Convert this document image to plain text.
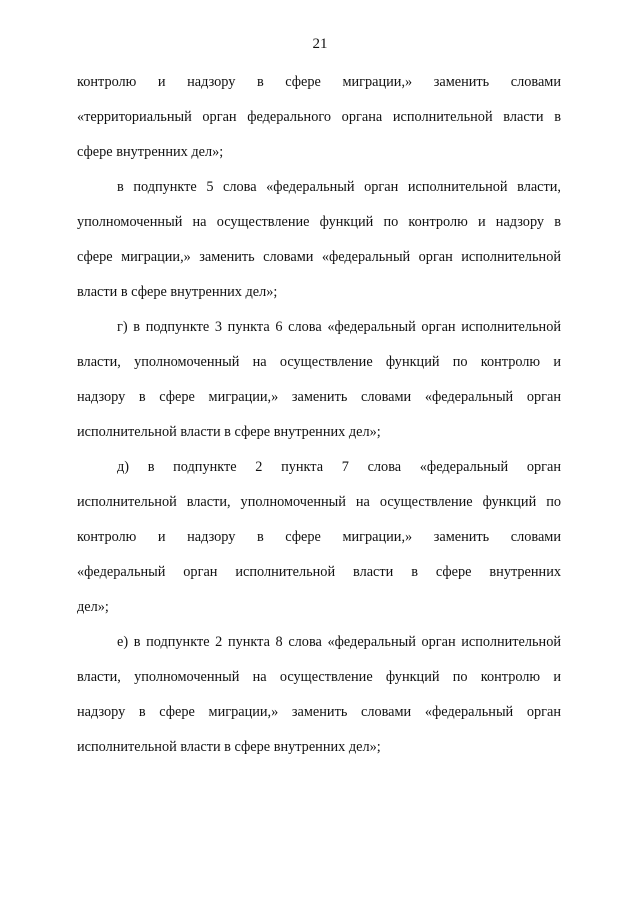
21
контролю и надзору в сфере миграции,» заменить словами
«территориальный орган федерального органа исполнительной власти в
сфере внутренних дел»;
в подпункте 5 слова «федеральный орган исполнительной власти,
уполномоченный на осуществление функций по контролю и надзору в
сфере миграции,» заменить словами «федеральный орган исполнительной
власти в сфере внутренних дел»;
г) в подпункте 3 пункта 6 слова «федеральный орган исполнительной
власти, уполномоченный на осуществление функций по контролю и
надзору в сфере миграции,» заменить словами «федеральный орган
исполнительной власти в сфере внутренних дел»;
д) в подпункте 2 пункта 7 слова «федеральный орган
исполнительной власти, уполномоченный на осуществление функций по
контролю и надзору в сфере миграции,» заменить словами
«федеральный орган исполнительной власти в сфере внутренних
дел»;
е) в подпункте 2 пункта 8 слова «федеральный орган исполнительной
власти, уполномоченный на осуществление функций по контролю и
надзору в сфере миграции,» заменить словами «федеральный орган
исполнительной власти в сфере внутренних дел»;
